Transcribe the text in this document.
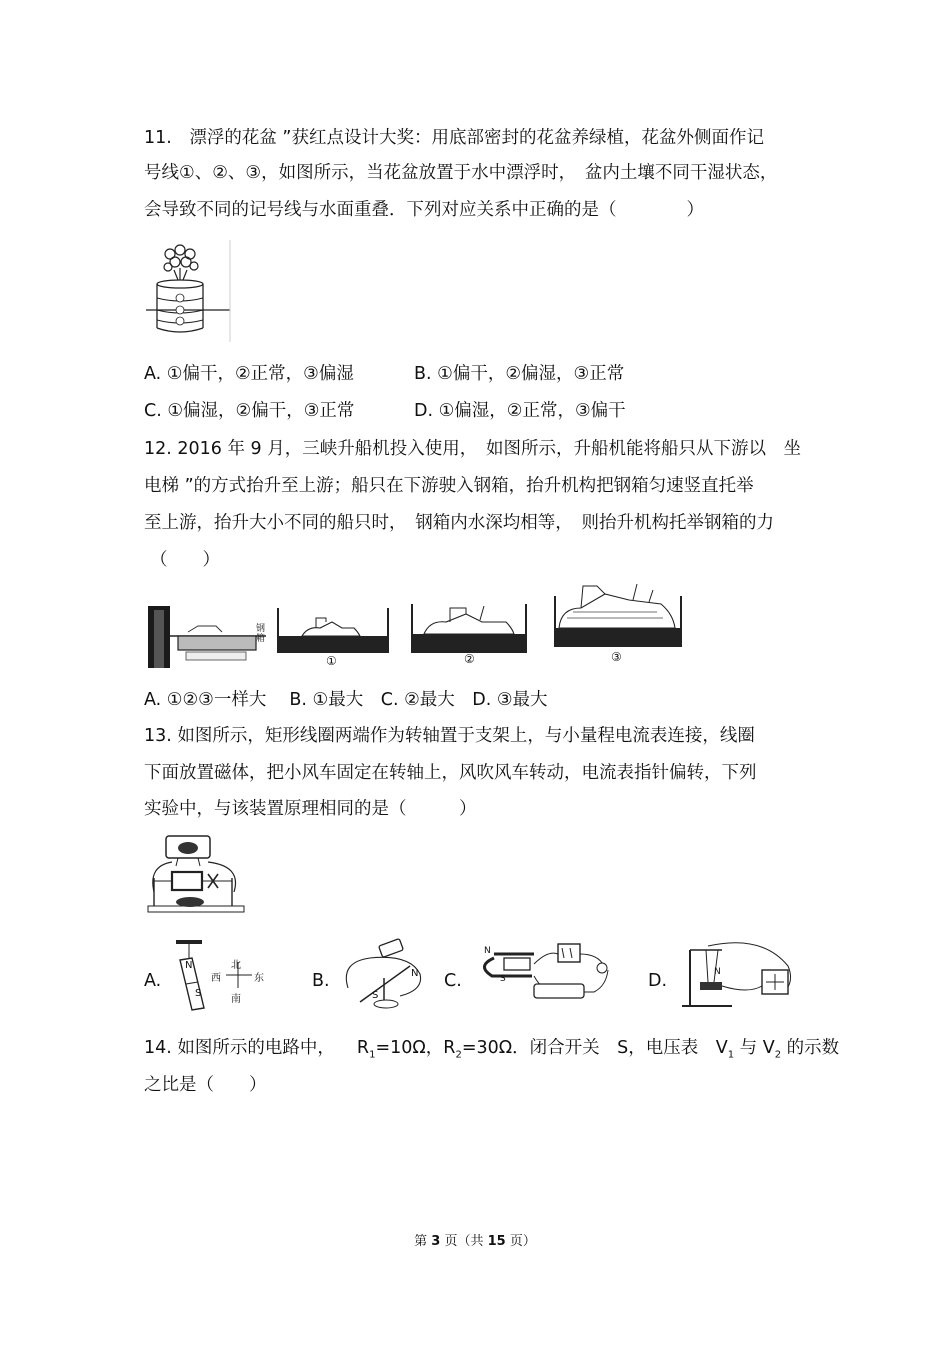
11.　漂浮的花盆 ”获红点设计大奖：用底部密封的花盆养绿植，花盆外侧面作记
号线①、②、③，如图所示，当花盆放置于水中漂浮时，　盆内土壤不同干湿状态，
会导致不同的记号线与水面重叠．下列对应关系中正确的是（　　　　）
A. ①偏干，②正常，③偏湿	B. ①偏干，②偏湿，③正常
C. ①偏湿，②偏干，③正常	D. ①偏湿，②正常，③偏干
12. 2016 年 9 月，三峡升船机投入使用，　如图所示，升船机能将船只从下游以　坐
电梯 ”的方式抬升至上游；船只在下游驶入钢箱，抬升机构把钢箱匀速竖直托举
至上游，抬升大小不同的船只时，　钢箱内水深均相等，　则抬升机构托举钢箱的力
（　　）
钢
箱
①	②	③
A. ①②③一样大　 B. ①最大　C. ②最大　D. ③最大
13. 如图所示，矩形线圈两端作为转轴置于支架上，与小量程电流表连接，线圈
下面放置磁体，把小风车固定在转轴上，风吹风车转动，电流表指针偏转，下列
实验中，与该装置原理相同的是（　　　）
A.
N
S
北
南
西	东	B.	N
S
C.
N
S	D.	N
14. 如图所示的电路中， $R_1=10\Omega$，$R_2=30\Omega$．闭合开关　S，电压表　$V_1$ 与 $V_2$ 的示数
之比是（　　）
第 3 页（共 15 页）
